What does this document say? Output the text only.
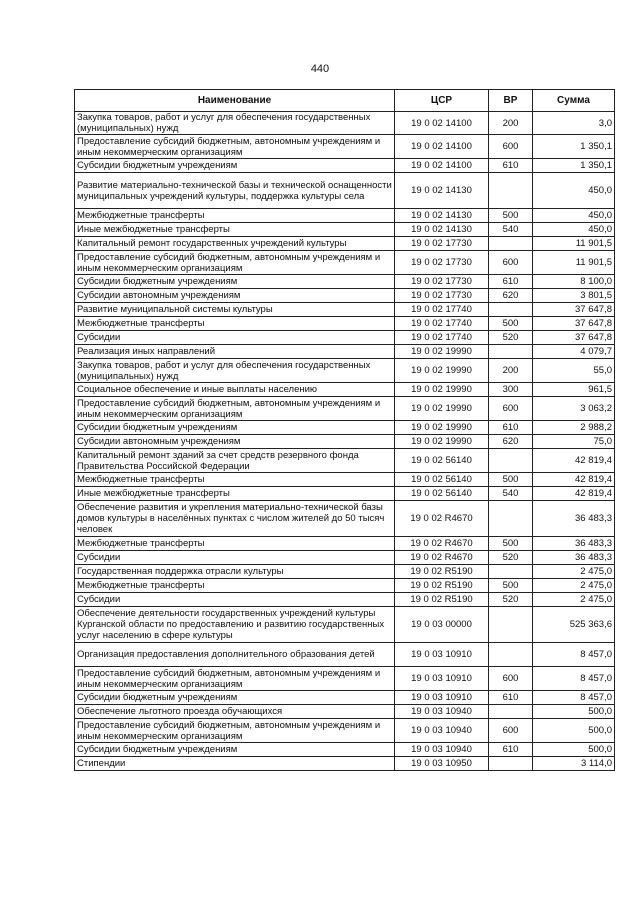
440
Наименование	ЦСР	ВР	Сумма
Закупка товаров, работ и услуг для обеспечения государственных (муниципальных) нужд	19 0 02 14100	200	3,0
Предоставление субсидий бюджетным, автономным учреждениям и иным некоммерческим организациям	19 0 02 14100	600	1 350,1
Субсидии бюджетным учреждениям	19 0 02 14100	610	1 350,1
Развитие материально-технической базы и технической оснащенности муниципальных учреждений культуры, поддержка культуры села	19 0 02 14130		450,0
Межбюджетные трансферты	19 0 02 14130	500	450,0
Иные межбюджетные трансферты	19 0 02 14130	540	450,0
Капитальный ремонт государственных учреждений культуры	19 0 02 17730		11 901,5
Предоставление субсидий бюджетным, автономным учреждениям и иным некоммерческим организациям	19 0 02 17730	600	11 901,5
Субсидии бюджетным учреждениям	19 0 02 17730	610	8 100,0
Субсидии автономным учреждениям	19 0 02 17730	620	3 801,5
Развитие муниципальной системы культуры	19 0 02 17740		37 647,8
Межбюджетные трансферты	19 0 02 17740	500	37 647,8
Субсидии	19 0 02 17740	520	37 647,8
Реализация иных направлений	19 0 02 19990		4 079,7
Закупка товаров, работ и услуг для обеспечения государственных (муниципальных) нужд	19 0 02 19990	200	55,0
Социальное обеспечение и иные выплаты населению	19 0 02 19990	300	961,5
Предоставление субсидий бюджетным, автономным учреждениям и иным некоммерческим организациям	19 0 02 19990	600	3 063,2
Субсидии бюджетным учреждениям	19 0 02 19990	610	2 988,2
Субсидии автономным учреждениям	19 0 02 19990	620	75,0
Капитальный ремонт зданий за счет средств резервного фонда Правительства Российской Федерации	19 0 02 56140		42 819,4
Межбюджетные трансферты	19 0 02 56140	500	42 819,4
Иные межбюджетные трансферты	19 0 02 56140	540	42 819,4
Обеспечение развития и укрепления материально-технической базы домов культуры в населённых пунктах с числом жителей до 50 тысяч человек	19 0 02 R4670		36 483,3
Межбюджетные трансферты	19 0 02 R4670	500	36 483,3
Субсидии	19 0 02 R4670	520	36 483,3
Государственная поддержка отрасли культуры	19 0 02 R5190		2 475,0
Межбюджетные трансферты	19 0 02 R5190	500	2 475,0
Субсидии	19 0 02 R5190	520	2 475,0
Обеспечение деятельности государственных учреждений культуры Курганской области по предоставлению и развитию государственных услуг населению в сфере культуры	19 0 03 00000		525 363,6
Организация предоставления дополнительного образования детей	19 0 03 10910		8 457,0
Предоставление субсидий бюджетным, автономным учреждениям и иным некоммерческим организациям	19 0 03 10910	600	8 457,0
Субсидии бюджетным учреждениям	19 0 03 10910	610	8 457,0
Обеспечение льготного проезда обучающихся	19 0 03 10940		500,0
Предоставление субсидий бюджетным, автономным учреждениям и иным некоммерческим организациям	19 0 03 10940	600	500,0
Субсидии бюджетным учреждениям	19 0 03 10940	610	500,0
Стипендии	19 0 03 10950		3 114,0
